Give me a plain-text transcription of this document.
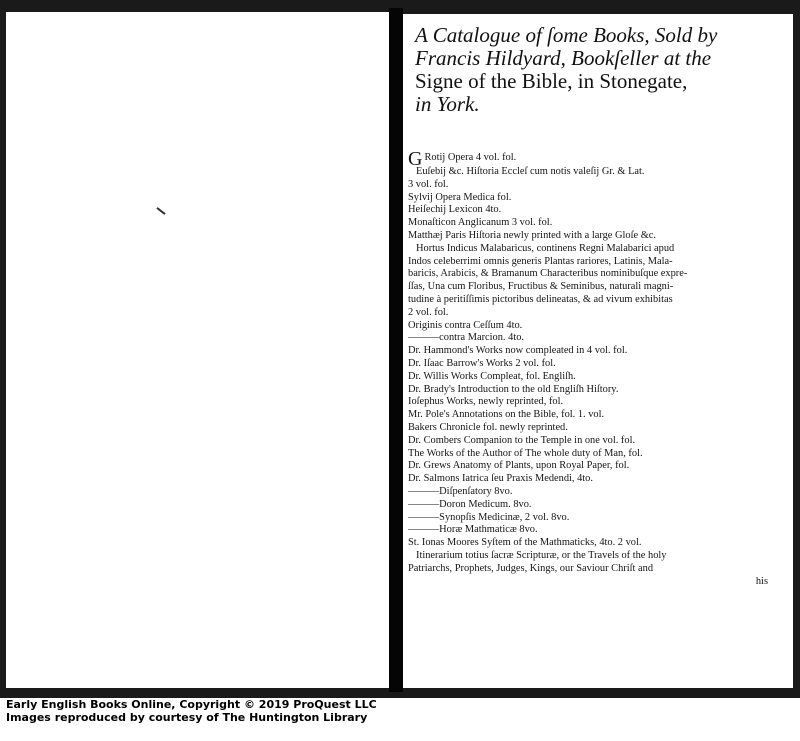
A Catalogue of ſome Books, Sold by
Francis Hildyard, Bookſeller at the
Signe of the Bible, in Stonegate,
in York.
G Rotij Opera 4 vol. fol.
Euſebij &c. Hiſtoria Eccleſ cum notis valeſij Gr. & Lat.
3 vol. fol.
Sylvij Opera Medica fol.
Heiſechij Lexicon 4to.
Monaſticon Anglicanum 3 vol. fol.
Matthæj Paris Hiſtoria newly printed with a large Gloſe &c.
Hortus Indicus Malabaricus, continens Regni Malabarici apud
Indos celeberrimi omnis generis Plantas rariores, Latinis, Mala-
baricis, Arabicis, & Bramanum Characteribus nominibuſque expre-
ſſas, Una cum Floribus, Fructibus & Seminibus, naturali magni-
tudine à peritiſſimis pictoribus delineatas, & ad vivum exhibitas
2 vol. fol.
Originis contra Ceſſum 4to.
———contra Marcion. 4to.
Dr. Hammond's Works now compleated in 4 vol. fol.
Dr. Iſaac Barrow's Works 2 vol. fol.
Dr. Willis Works Compleat, fol. Engliſh.
Dr. Brady's Introduction to the old Engliſh Hiſtory.
Ioſephus Works, newly reprinted, fol.
Mr. Pole's Annotations on the Bible, fol. 1. vol.
Bakers Chronicle fol. newly reprinted.
Dr. Combers Companion to the Temple in one vol. fol.
The Works of the Author of The whole duty of Man, fol.
Dr. Grews Anatomy of Plants, upon Royal Paper, fol.
Dr. Salmons Iatrica ſeu Praxis Medendi, 4to.
———Diſpenſatory 8vo.
———Doron Medicum. 8vo.
———Synopſis Medicinæ, 2 vol. 8vo.
———Horæ Mathmaticæ 8vo.
St. Ionas Moores Syſtem of the Mathmaticks, 4to. 2 vol.
Itinerarium totius ſacræ Scripturæ, or the Travels of the holy
Patriarchs, Prophets, Judges, Kings, our Saviour Chriſt and
his
Early English Books Online, Copyright © 2019 ProQuest LLC
Images reproduced by courtesy of The Huntington Library
